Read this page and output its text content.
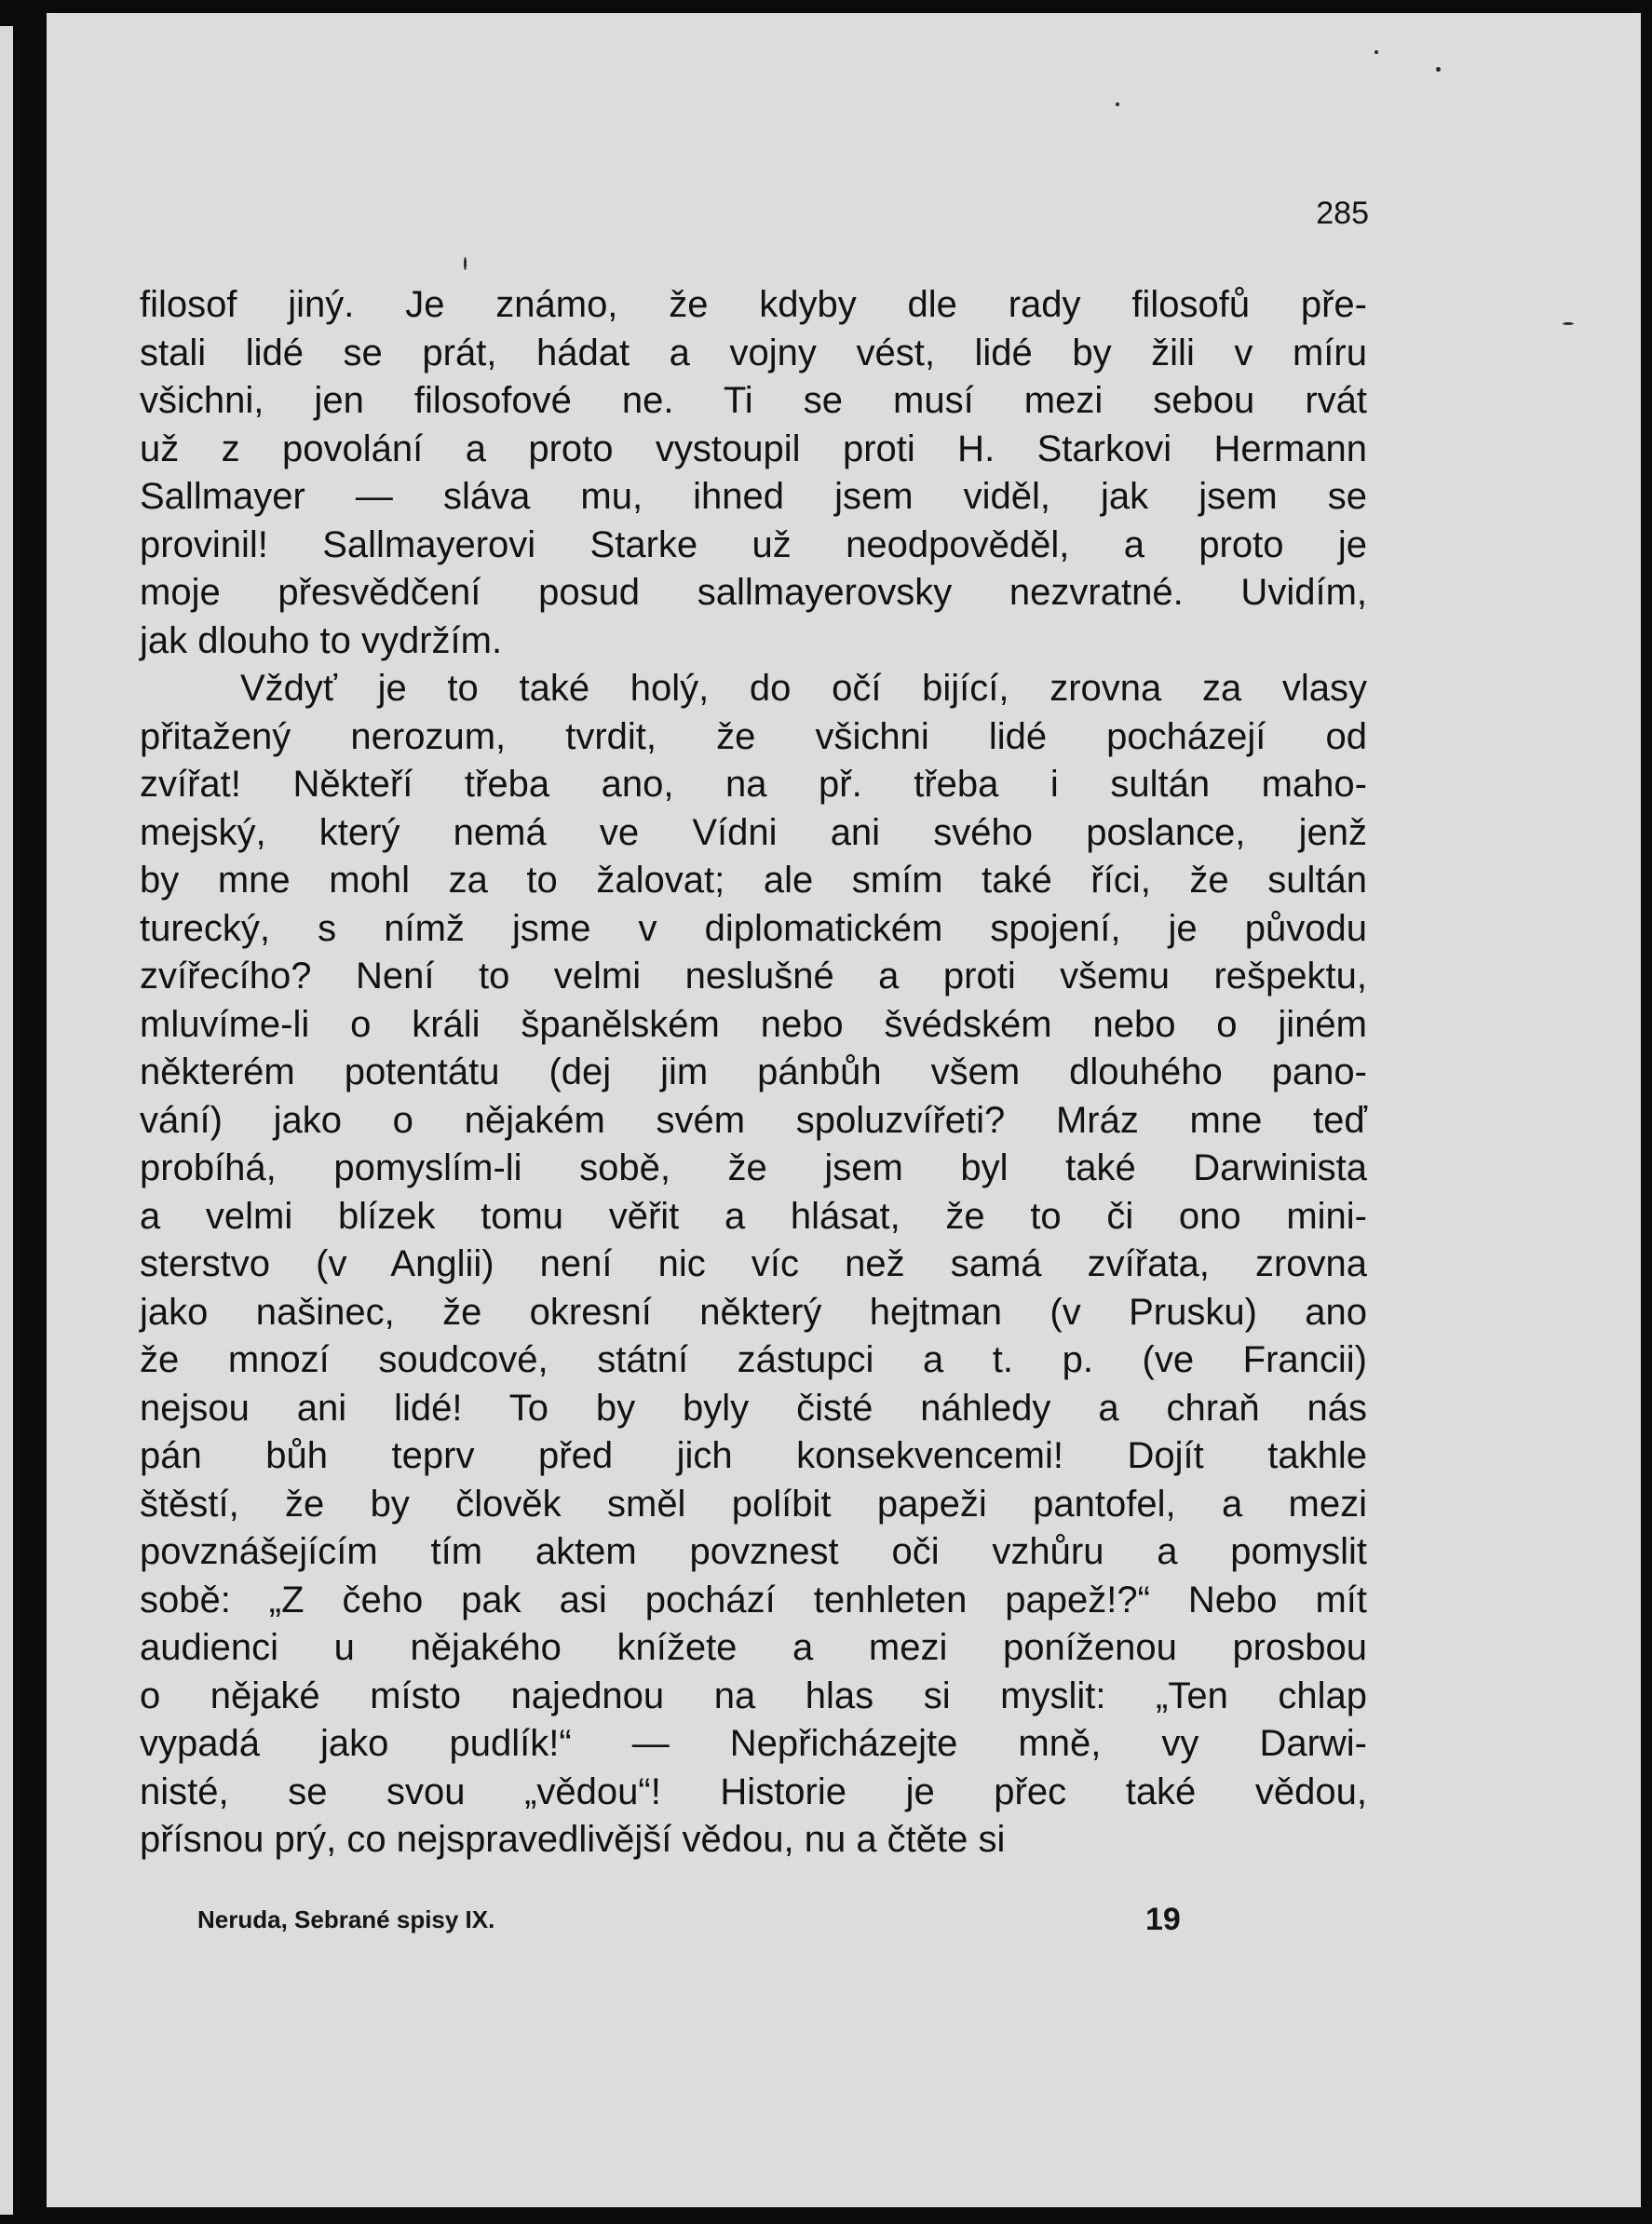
285

filosof jiný. Je známo, že kdyby dle rady filosofů pře-
stali lidé se prát, hádat a vojny vést, lidé by žili v míru
všichni, jen filosofové ne. Ti se musí mezi sebou rvát
už z povolání a proto vystoupil proti H. Starkovi Hermann
Sallmayer — sláva mu, ihned jsem viděl, jak jsem se
provinil! Sallmayerovi Starke už neodpověděl, a proto je
moje přesvědčení posud sallmayerovsky nezvratné. Uvidím,
jak dlouho to vydržím.
Vždyť je to také holý, do očí bijící, zrovna za vlasy
přitažený nerozum, tvrdit, že všichni lidé pocházejí od
zvířat! Někteří třeba ano, na př. třeba i sultán maho-
mejský, který nemá ve Vídni ani svého poslance, jenž
by mne mohl za to žalovat; ale smím také říci, že sultán
turecký, s nímž jsme v diplomatickém spojení, je původu
zvířecího? Není to velmi neslušné a proti všemu rešpektu,
mluvíme-li o králi španělském nebo švédském nebo o jiném
některém potentátu (dej jim pánbůh všem dlouhého pano-
vání) jako o nějakém svém spoluzvířeti? Mráz mne teď
probíhá, pomyslím-li sobě, že jsem byl také Darwinista
a velmi blízek tomu věřit a hlásat, že to či ono mini-
sterstvo (v Anglii) není nic víc než samá zvířata, zrovna
jako našinec, že okresní některý hejtman (v Prusku) ano
že mnozí soudcové, státní zástupci a t. p. (ve Francii)
nejsou ani lidé! To by byly čisté náhledy a chraň nás
pán bůh teprv před jich konsekvencemi! Dojít takhle
štěstí, že by člověk směl políbit papeži pantofel, a mezi
povznášejícím tím aktem povznest oči vzhůru a pomyslit
sobě: „Z čeho pak asi pochází tenhleten papež!?“ Nebo mít
audienci u nějakého knížete a mezi poníženou prosbou
o nějaké místo najednou na hlas si myslit: „Ten chlap
vypadá jako pudlík!“ — Nepřicházejte mně, vy Darwi-
nisté, se svou „vědou“! Historie je přec také vědou,
přísnou prý, co nejspravedlivější vědou, nu a čtěte si

Neruda, Sebrané spisy IX.	19
